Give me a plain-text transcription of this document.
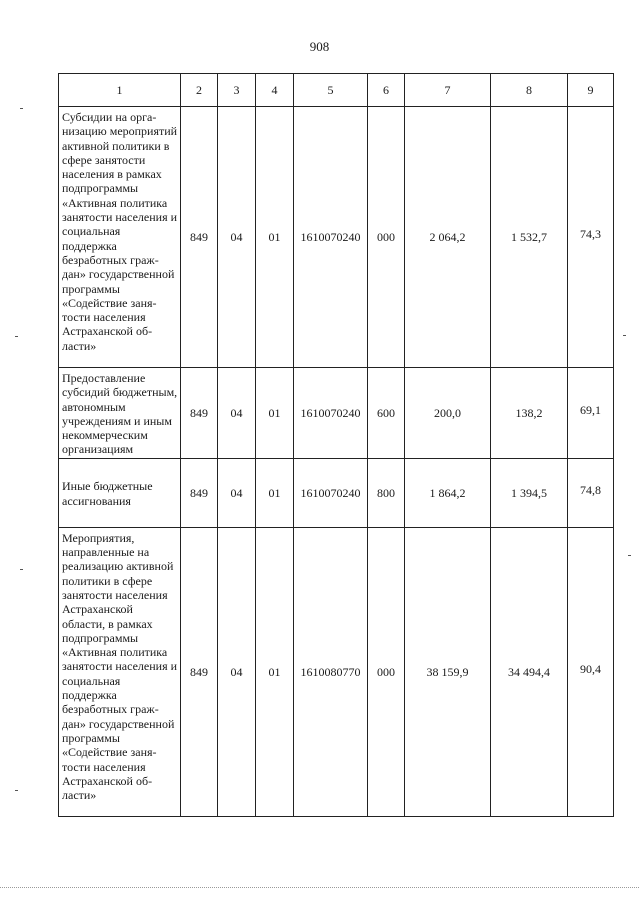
908
1	2	3	4	5	6	7	8	9
Субсидии на организацию мероприятий активной политики в сфере занятости населения в рамках подпрограммы «Активная политика занятости населения и социальная поддержка безработных граждан» государственной программы «Содействие занятости населения Астраханской области»	849	04	01	1610070240	000	2 064,2	1 532,7	74,3
Предоставление субсидий бюджетным, автономным учреждениям и иным некоммерческим организациям	849	04	01	1610070240	600	200,0	138,2	69,1
Иные бюджетные ассигнования	849	04	01	1610070240	800	1 864,2	1 394,5	74,8
Мероприятия, направленные на реализацию активной политики в сфере занятости населения Астраханской области, в рамках подпрограммы «Активная политика занятости населения и социальная поддержка безработных граждан» государственной программы «Содействие занятости населения Астраханской области»	849	04	01	1610080770	000	38 159,9	34 494,4	90,4
